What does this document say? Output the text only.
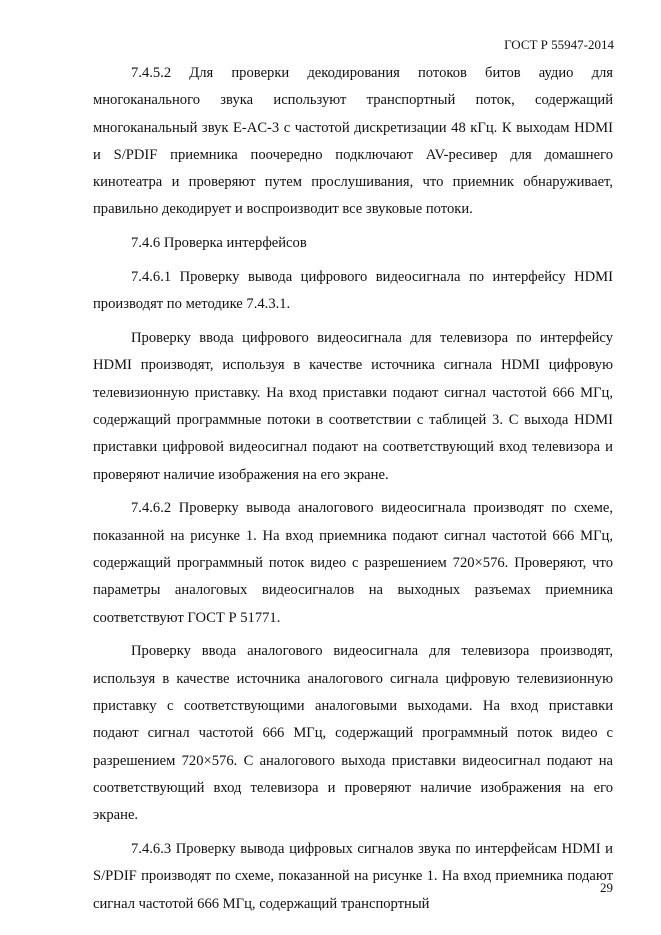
ГОСТ Р 55947-2014

7.4.5.2 Для проверки декодирования потоков битов аудио для многоканального звука используют транспортный поток, содержащий многоканальный звук E-AC-3 с частотой дискретизации 48 кГц. К выходам HDMI и S/PDIF приемника поочередно подключают AV-ресивер для домашнего кинотеатра и проверяют путем прослушивания, что приемник обнаруживает, правильно декодирует и воспроизводит все звуковые потоки.

7.4.6 Проверка интерфейсов

7.4.6.1 Проверку вывода цифрового видеосигнала по интерфейсу HDMI производят по методике 7.4.3.1.

Проверку ввода цифрового видеосигнала для телевизора по интерфейсу HDMI производят, используя в качестве источника сигнала HDMI цифровую телевизионную приставку. На вход приставки подают сигнал частотой 666 МГц, содержащий программные потоки в соответствии с таблицей 3. С выхода HDMI приставки цифровой видеосигнал подают на соответствующий вход телевизора и проверяют наличие изображения на его экране.

7.4.6.2 Проверку вывода аналогового видеосигнала производят по схеме, показанной на рисунке 1. На вход приемника подают сигнал частотой 666 МГц, содержащий программный поток видео с разрешением 720×576. Проверяют, что параметры аналоговых видеосигналов на выходных разъемах приемника соответствуют ГОСТ Р 51771.

Проверку ввода аналогового видеосигнала для телевизора производят, используя в качестве источника аналогового сигнала цифровую телевизионную приставку с соответствующими аналоговыми выходами. На вход приставки подают сигнал частотой 666 МГц, содержащий программный поток видео с разрешением 720×576. С аналогового выхода приставки видеосигнал подают на соответствующий вход телевизора и проверяют наличие изображения на его экране.

7.4.6.3 Проверку вывода цифровых сигналов звука по интерфейсам HDMI и S/PDIF производят по схеме, показанной на рисунке 1. На вход приемника подают сигнал частотой 666 МГц, содержащий транспортный

29
